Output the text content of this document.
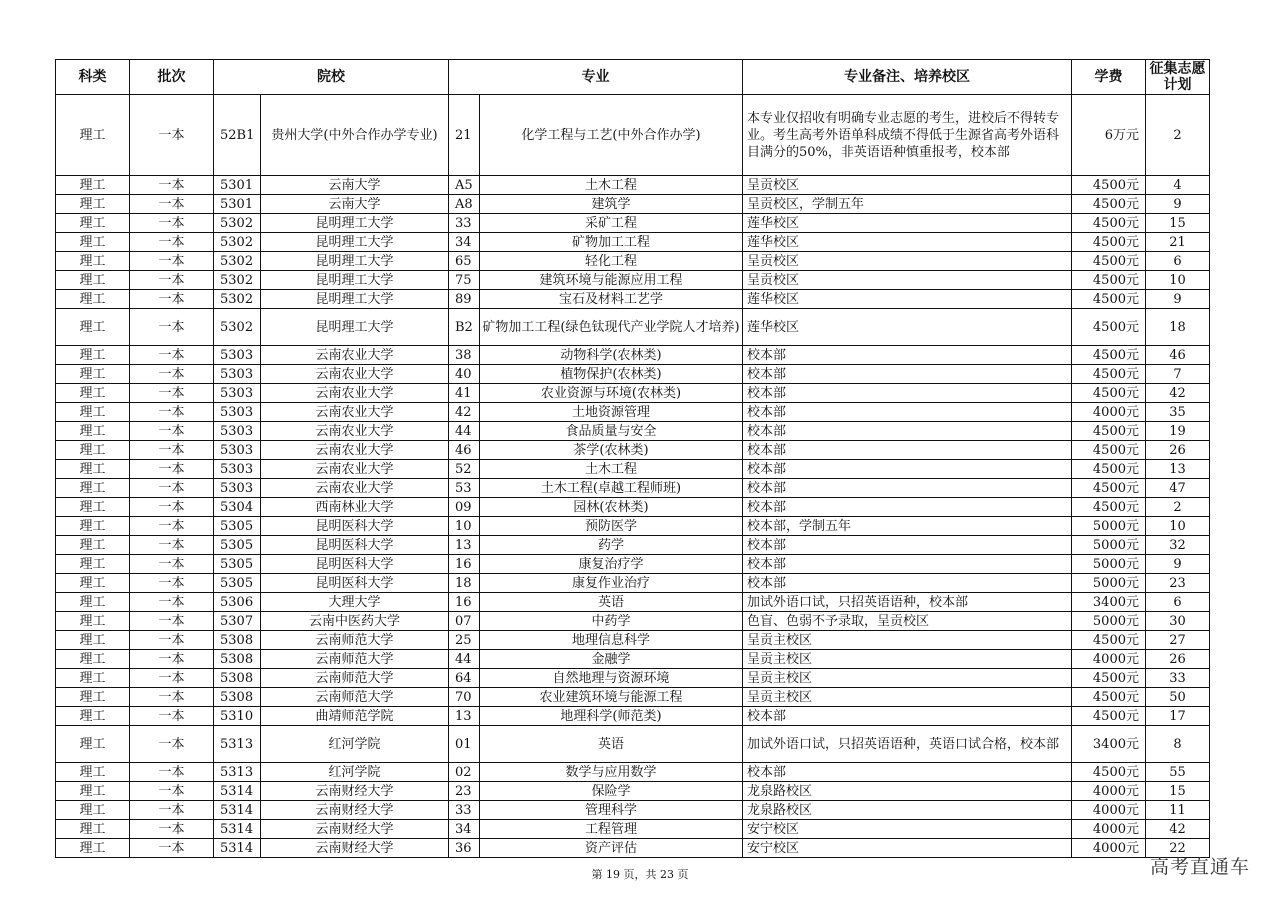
科类	批次	院校		专业		专业备注、培养校区	学费	征集志愿计划
理工	一本	52B1	贵州大学(中外合作办学专业)	21	化学工程与工艺(中外合作办学)	本专业仅招收有明确专业志愿的考生，进校后不得转专业。考生高考外语单科成绩不得低于生源省高考外语科目满分的50%，非英语语种慎重报考，校本部	6万元	2
理工	一本	5301	云南大学	A5	土木工程	呈贡校区	4500元	4
理工	一本	5301	云南大学	A8	建筑学	呈贡校区，学制五年	4500元	9
理工	一本	5302	昆明理工大学	33	采矿工程	莲华校区	4500元	15
理工	一本	5302	昆明理工大学	34	矿物加工工程	莲华校区	4500元	21
理工	一本	5302	昆明理工大学	65	轻化工程	呈贡校区	4500元	6
理工	一本	5302	昆明理工大学	75	建筑环境与能源应用工程	呈贡校区	4500元	10
理工	一本	5302	昆明理工大学	89	宝石及材料工艺学	莲华校区	4500元	9
理工	一本	5302	昆明理工大学	B2	矿物加工工程(绿色钛现代产业学院人才培养)	莲华校区	4500元	18
理工	一本	5303	云南农业大学	38	动物科学(农林类)	校本部	4500元	46
理工	一本	5303	云南农业大学	40	植物保护(农林类)	校本部	4500元	7
理工	一本	5303	云南农业大学	41	农业资源与环境(农林类)	校本部	4500元	42
理工	一本	5303	云南农业大学	42	土地资源管理	校本部	4000元	35
理工	一本	5303	云南农业大学	44	食品质量与安全	校本部	4500元	19
理工	一本	5303	云南农业大学	46	茶学(农林类)	校本部	4500元	26
理工	一本	5303	云南农业大学	52	土木工程	校本部	4500元	13
理工	一本	5303	云南农业大学	53	土木工程(卓越工程师班)	校本部	4500元	47
理工	一本	5304	西南林业大学	09	园林(农林类)	校本部	4500元	2
理工	一本	5305	昆明医科大学	10	预防医学	校本部，学制五年	5000元	10
理工	一本	5305	昆明医科大学	13	药学	校本部	5000元	32
理工	一本	5305	昆明医科大学	16	康复治疗学	校本部	5000元	9
理工	一本	5305	昆明医科大学	18	康复作业治疗	校本部	5000元	23
理工	一本	5306	大理大学	16	英语	加试外语口试，只招英语语种，校本部	3400元	6
理工	一本	5307	云南中医药大学	07	中药学	色盲、色弱不予录取，呈贡校区	5000元	30
理工	一本	5308	云南师范大学	25	地理信息科学	呈贡主校区	4500元	27
理工	一本	5308	云南师范大学	44	金融学	呈贡主校区	4000元	26
理工	一本	5308	云南师范大学	64	自然地理与资源环境	呈贡主校区	4500元	33
理工	一本	5308	云南师范大学	70	农业建筑环境与能源工程	呈贡主校区	4500元	50
理工	一本	5310	曲靖师范学院	13	地理科学(师范类)	校本部	4500元	17
理工	一本	5313	红河学院	01	英语	加试外语口试，只招英语语种，英语口试合格，校本部	3400元	8
理工	一本	5313	红河学院	02	数学与应用数学	校本部	4500元	55
理工	一本	5314	云南财经大学	23	保险学	龙泉路校区	4000元	15
理工	一本	5314	云南财经大学	33	管理科学	龙泉路校区	4000元	11
理工	一本	5314	云南财经大学	34	工程管理	安宁校区	4000元	42
理工	一本	5314	云南财经大学	36	资产评估	安宁校区	4000元	22
第 19 页，共 23 页	高考直通车
